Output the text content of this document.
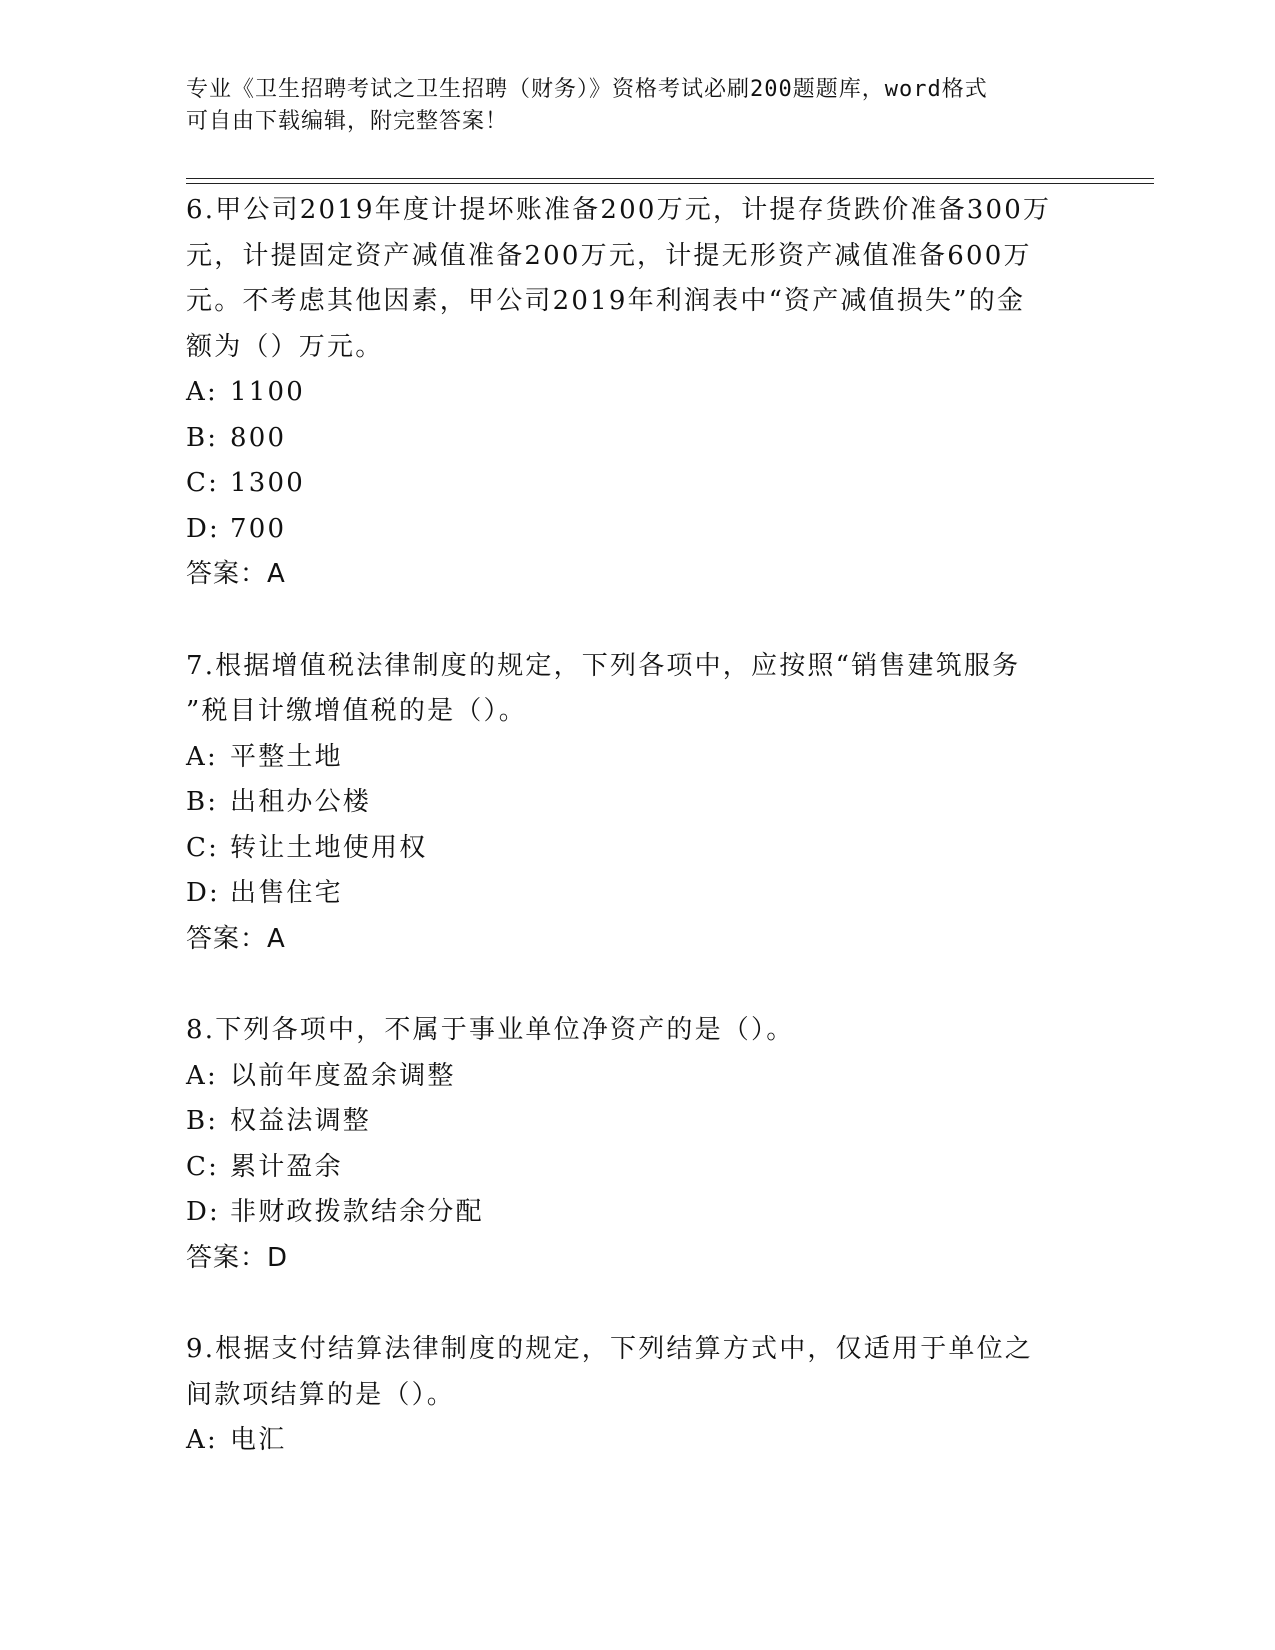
专业《卫生招聘考试之卫生招聘（财务）》资格考试必刷200题题库，word格式
可自由下载编辑，附完整答案！
6.甲公司2019年度计提坏账准备200万元，计提存货跌价准备300万
元，计提固定资产减值准备200万元，计提无形资产减值准备600万
元。不考虑其他因素，甲公司2019年利润表中“资产减值损失”的金
额为（）万元。
A: 1100
B: 800
C: 1300
D: 700
答案：A
7.根据增值税法律制度的规定，下列各项中，应按照“销售建筑服务
”税目计缴增值税的是（）。
A: 平整土地
B: 出租办公楼
C: 转让土地使用权
D: 出售住宅
答案：A
8.下列各项中，不属于事业单位净资产的是（）。
A: 以前年度盈余调整
B: 权益法调整
C: 累计盈余
D: 非财政拨款结余分配
答案：D
9.根据支付结算法律制度的规定，下列结算方式中，仅适用于单位之
间款项结算的是（）。
A: 电汇
